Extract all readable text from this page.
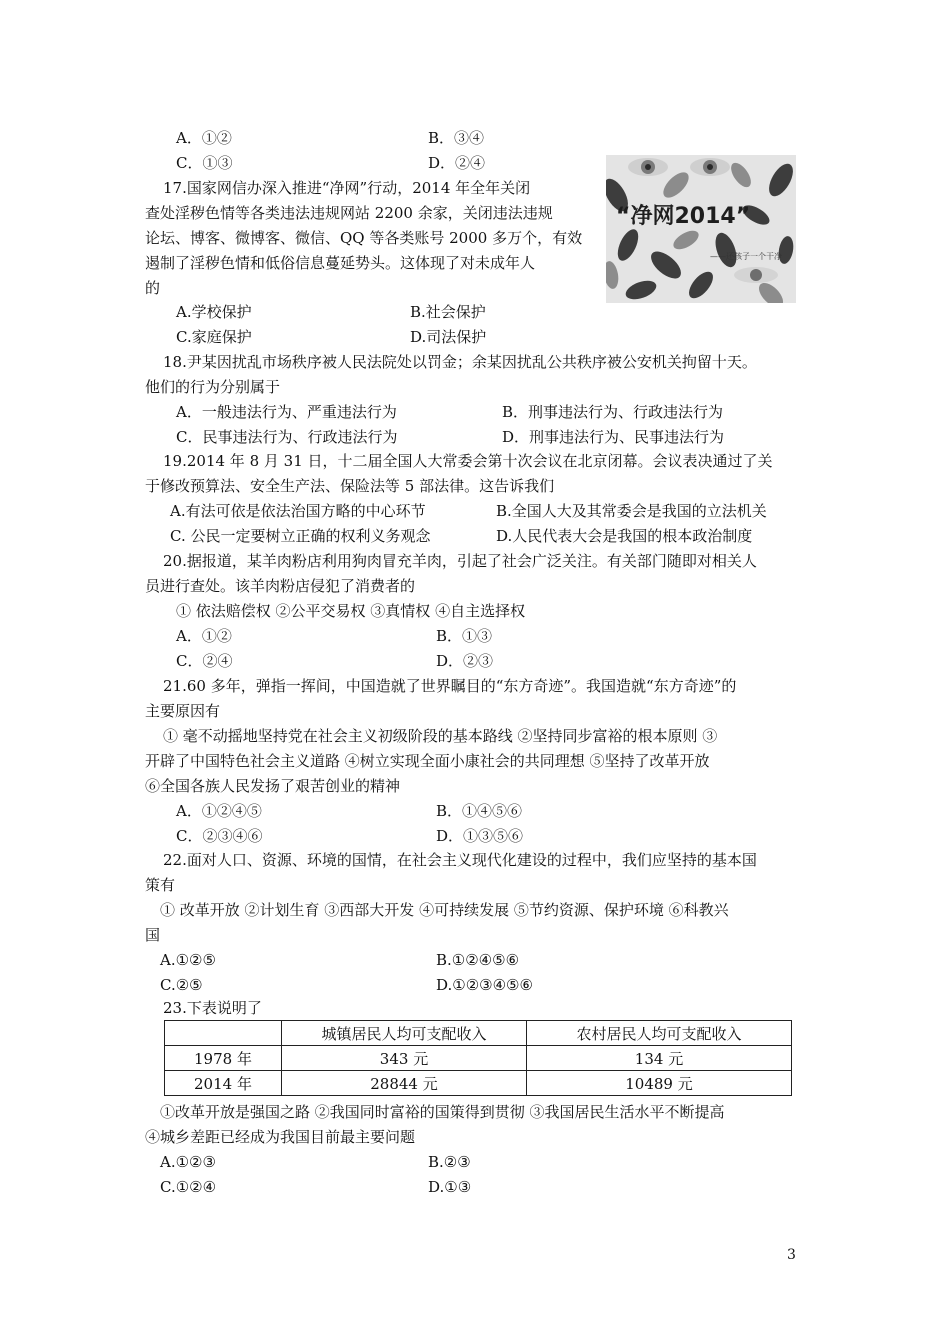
A．①②	B．③④
C．①③	D．②④
17.国家网信办深入推进“净网”行动，2014 年全年关闭
查处淫秽色情等各类违法违规网站 2200 余家，关闭违法违规
论坛、博客、微博客、微信、QQ 等各类账号 2000 多万个，有效
遏制了淫秽色情和低俗信息蔓延势头。这体现了对未成年人
的
“净网2014”
——还孩子一个干净
A.学校保护	B.社会保护
C.家庭保护	D.司法保护
18.尹某因扰乱市场秩序被人民法院处以罚金；余某因扰乱公共秩序被公安机关拘留十天。
他们的行为分别属于
A．一般违法行为、严重违法行为	B．刑事违法行为、行政违法行为
C．民事违法行为、行政违法行为	D．刑事违法行为、民事违法行为
19.2014 年 8 月 31 日，十二届全国人大常委会第十次会议在北京闭幕。会议表决通过了关
于修改预算法、安全生产法、保险法等 5 部法律。这告诉我们
A.有法可依是依法治国方略的中心环节	B.全国人大及其常委会是我国的立法机关
C. 公民一定要树立正确的权利义务观念	D.人民代表大会是我国的根本政治制度
20.据报道，某羊肉粉店利用狗肉冒充羊肉，引起了社会广泛关注。有关部门随即对相关人
员进行查处。该羊肉粉店侵犯了消费者的
① 依法赔偿权 ②公平交易权 ③真情权 ④自主选择权
A．①②	B．①③
C．②④	D．②③
21.60 多年，弹指一挥间，中国造就了世界瞩目的“东方奇迹”。我国造就“东方奇迹”的
主要原因有
① 毫不动摇地坚持党在社会主义初级阶段的基本路线 ②坚持同步富裕的根本原则 ③
开辟了中国特色社会主义道路 ④树立实现全面小康社会的共同理想 ⑤坚持了改革开放
⑥全国各族人民发扬了艰苦创业的精神
A．①②④⑤	B．①④⑤⑥
C．②③④⑥	D．①③⑤⑥
22.面对人口、资源、环境的国情，在社会主义现代化建设的过程中，我们应坚持的基本国
策有
① 改革开放 ②计划生育 ③西部大开发 ④可持续发展 ⑤节约资源、保护环境 ⑥科教兴
国
A.①②⑤	B.①②④⑤⑥
C.②⑤	D.①②③④⑤⑥
23.下表说明了
	城镇居民人均可支配收入	农村居民人均可支配收入
1978 年	343 元	134 元
2014 年	28844 元	10489 元
①改革开放是强国之路 ②我国同时富裕的国策得到贯彻 ③我国居民生活水平不断提高
④城乡差距已经成为我国目前最主要问题
A.①②③	B.②③
C.①②④	D.①③
3
